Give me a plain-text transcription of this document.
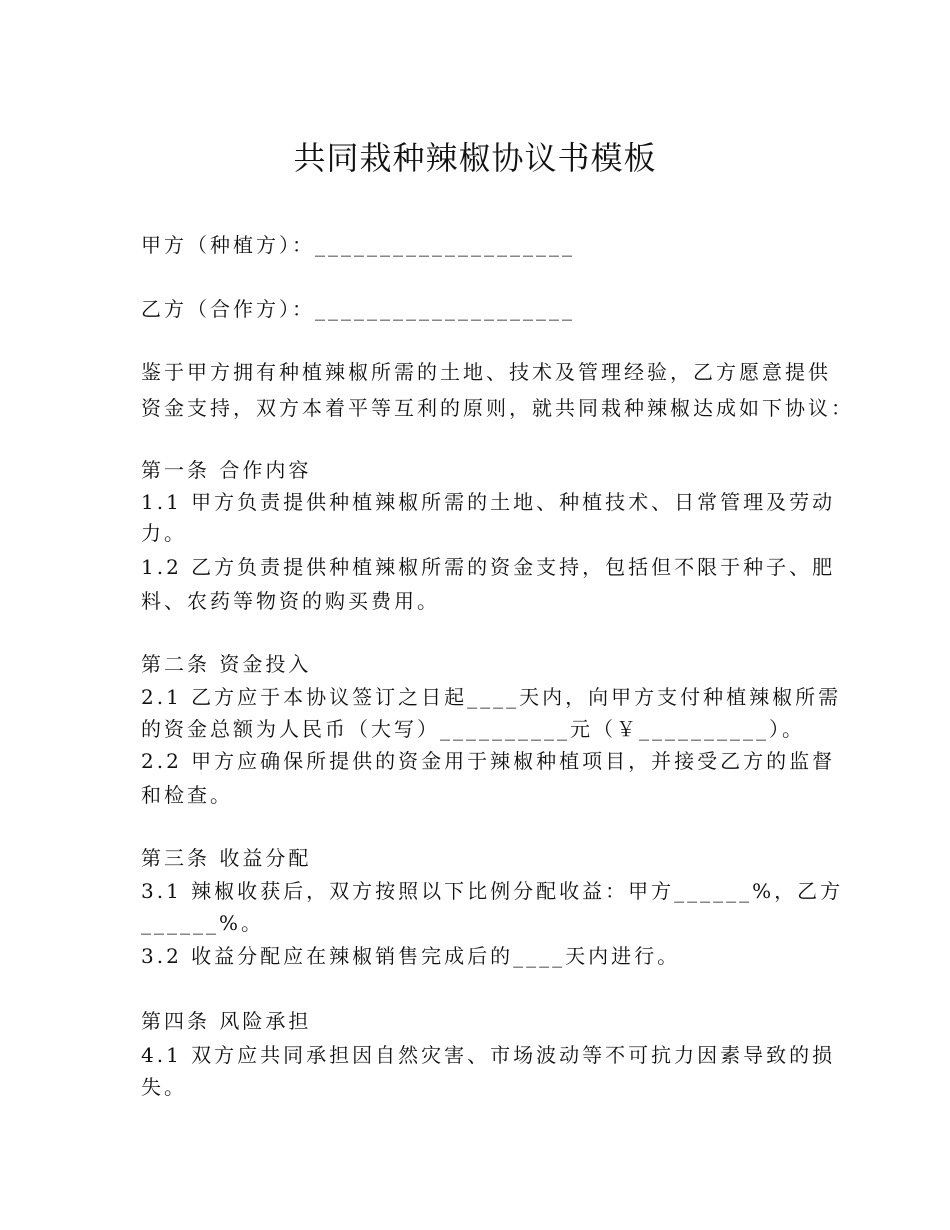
共同栽种辣椒协议书模板

甲方（种植方）：____________________

乙方（合作方）：____________________

鉴于甲方拥有种植辣椒所需的土地、技术及管理经验，乙方愿意提供

资金支持，双方本着平等互利的原则，就共同栽种辣椒达成如下协议：

第一条 合作内容

1.1 甲方负责提供种植辣椒所需的土地、种植技术、日常管理及劳动

力。

1.2 乙方负责提供种植辣椒所需的资金支持，包括但不限于种子、肥

料、农药等物资的购买费用。

第二条 资金投入

2.1 乙方应于本协议签订之日起____天内，向甲方支付种植辣椒所需

的资金总额为人民币（大写）__________元（￥__________）。

2.2 甲方应确保所提供的资金用于辣椒种植项目，并接受乙方的监督

和检查。

第三条 收益分配

3.1 辣椒收获后，双方按照以下比例分配收益：甲方______%，乙方

______%。

3.2 收益分配应在辣椒销售完成后的____天内进行。

第四条 风险承担

4.1 双方应共同承担因自然灾害、市场波动等不可抗力因素导致的损

失。
